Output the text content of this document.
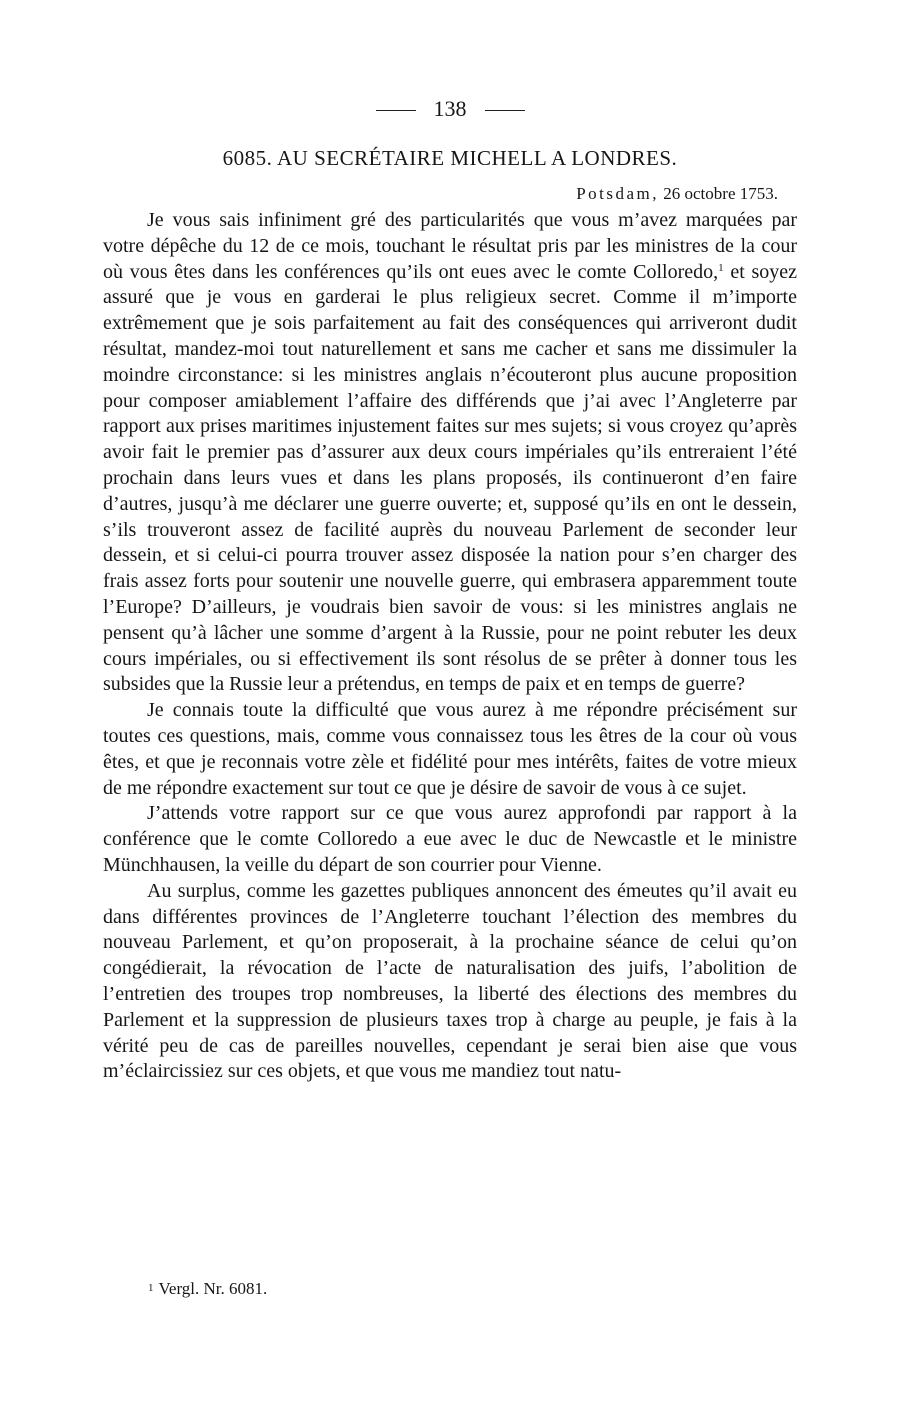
138
6085. AU SECRÉTAIRE MICHELL A LONDRES.
Potsdam, 26 octobre 1753.

Je vous sais infiniment gré des particularités que vous m’avez marquées par votre dépêche du 12 de ce mois, touchant le résultat pris par les ministres de la cour où vous êtes dans les conférences qu’ils ont eues avec le comte Colloredo,$^1$ et soyez assuré que je vous en garderai le plus religieux secret. Comme il m’importe extrêmement que je sois parfaitement au fait des conséquences qui arriveront dudit résultat, mandez-moi tout naturellement et sans me cacher et sans me dissimuler la moindre circonstance: si les ministres anglais n’écouteront plus aucune proposition pour composer amiablement l’affaire des différends que j’ai avec l’Angleterre par rapport aux prises maritimes injustement faites sur mes sujets; si vous croyez qu’après avoir fait le premier pas d’assurer aux deux cours impériales qu’ils entreraient l’été prochain dans leurs vues et dans les plans proposés, ils continueront d’en faire d’autres, jusqu’à me déclarer une guerre ouverte; et, supposé qu’ils en ont le dessein, s’ils trouveront assez de facilité auprès du nouveau Parlement de seconder leur dessein, et si celui-ci pourra trouver assez disposée la nation pour s’en charger des frais assez forts pour soutenir une nouvelle guerre, qui embrasera apparemment toute l’Europe? D’ailleurs, je voudrais bien savoir de vous: si les ministres anglais ne pensent qu’à lâcher une somme d’argent à la Russie, pour ne point rebuter les deux cours impériales, ou si effectivement ils sont résolus de se prêter à donner tous les subsides que la Russie leur a prétendus, en temps de paix et en temps de guerre?

Je connais toute la difficulté que vous aurez à me répondre précisément sur toutes ces questions, mais, comme vous connaissez tous les êtres de la cour où vous êtes, et que je reconnais votre zèle et fidélité pour mes intérêts, faites de votre mieux de me répondre exactement sur tout ce que je désire de savoir de vous à ce sujet.

J’attends votre rapport sur ce que vous aurez approfondi par rapport à la conférence que le comte Colloredo a eue avec le duc de Newcastle et le ministre Münchhausen, la veille du départ de son courrier pour Vienne.

Au surplus, comme les gazettes publiques annoncent des émeutes qu’il avait eu dans différentes provinces de l’Angleterre touchant l’élection des membres du nouveau Parlement, et qu’on proposerait, à la prochaine séance de celui qu’on congédierait, la révocation de l’acte de naturalisation des juifs, l’abolition de l’entretien des troupes trop nombreuses, la liberté des élections des membres du Parlement et la suppression de plusieurs taxes trop à charge au peuple, je fais à la vérité peu de cas de pareilles nouvelles, cependant je serai bien aise que vous m’éclaircissiez sur ces objets, et que vous me mandiez tout natu-

1 Vergl. Nr. 6081.
